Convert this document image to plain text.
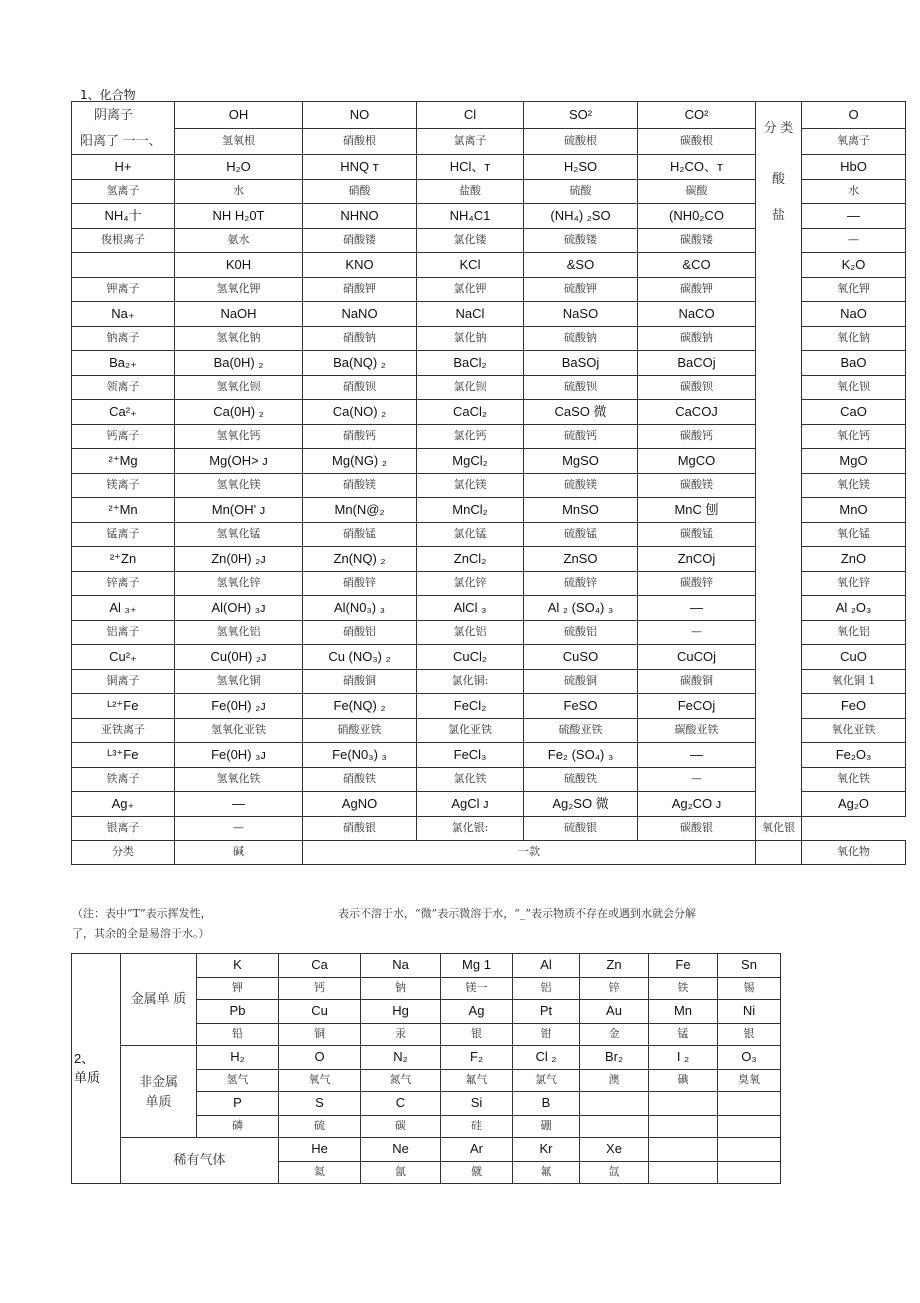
1、化合物
阴离子
阳离了 一一、	OH	NO	Cl	SO²	CO²	分 类	O
	氢氧根	硝酸根	氯离子	硫酸根	碳酸根		氧离子
H+	H₂O	HNQ ᴛ	HCl、ᴛ	H₂SO	H₂CO、ᴛ	酸	HbO
氢离子	水	硝酸	盐酸	硫酸	碳酸		水
NH₄十	NH H₂0T	NHNO	NH₄C1	(NH₄) ₂SO	(NH0₂CO	盐	—
俊根离子	氨水	硝酸镂	氯化镂	硫酸镂	碳酸镂		—
	K0H	KNO	KCl	&SO	&CO		K₂O
钾离子	氢氧化钾	硝酸钾	氯化钾	硫酸钾	碳酸钾		氧化钾
Na₊	NaOH	NaNO	NaCl	NaSO	NaCO		NaO
钠离子	氢氧化钠	硝酸钠	氯化钠	硫酸钠	碳酸钠		氧化钠
Ba₂₊	Ba(0H) ₂	Ba(NQ) ₂	BaCl₂	BaSOj	BaCOj		BaO
领离子	氢氧化钡	硝酸钡	氯化钡	硫酸钡	碳酸钡		氧化钡
Ca²₊	Ca(0H) ₂	Ca(NO) ₂	CaCl₂	CaSO 微	CaCOJ		CaO
钙离子	氢氧化钙	硝酸钙	氯化钙	硫酸钙	碳酸钙		氧化钙
²⁺Mg	Mg(OH> ᴊ	Mg(NG) ₂	MgCl₂	MgSO	MgCO		MgO
镁离子	氢氧化镁	硝酸镁	氯化镁	硫酸镁	碳酸镁		氧化镁
²⁺Mn	Mn(OH' ᴊ	Mn(N@₂	MnCl₂	MnSO	MnC 刨		MnO
锰离子	氢氧化锰	硝酸锰	氯化锰	硫酸锰	碳酸锰		氧化锰
²⁺Zn	Zn(0H) ₂ᴊ	Zn(NQ) ₂	ZnCl₂	ZnSO	ZnCOj		ZnO
锌离子	氢氧化锌	硝酸锌	氯化锌	硫酸锌	碳酸锌		氧化锌
Al ₃₊	Al(OH) ₃ᴊ	Al(N0₃) ₃	AlCl ₃	Al ₂ (SO₄) ₃	—		Al ₂O₃
铝离子	氢氧化铝	硝酸铝	氯化铝	硫酸铝	—		氧化铝
Cu²₊	Cu(0H) ₂ᴊ	Cu (NO₃) ₂	CuCl₂	CuSO	CuCOj		CuO
铜离子	氢氧化铜	硝酸铜	氯化铜:	硫酸铜	碳酸铜		氧化铜 1
ᴸ²⁺Fe	Fe(0H) ₂ᴊ	Fe(NQ) ₂	FeCl₂	FeSO	FeCOj		FeO
亚铁离子	氢氧化亚铁	硝酸亚铁	氯化亚铁	硫酸亚铁	碳酸亚铁		氧化亚铁
ᴸ³⁺Fe	Fe(0H) ₃ᴊ	Fe(N0₃) ₃	FeCl₃	Fe₂ (SO₄) ₃	—		Fe₂O₃
铁离子	氢氧化铁	硝酸铁	氯化铁	硫酸铁	—		氧化铁
Ag₊	—	AgNO	AgCl ᴊ	Ag₂SO 微	Ag₂CO ᴊ		Ag₂O
银离子	—	硝酸银	氯化银:	硫酸银	碳酸银	氧化银	
分类	碱	一款					氧化物
（注：表中“T”表示挥发性，	表示不溶于水，“微”表示微溶于水，“_”表示物质不存在或遇到水就会分解
了，其余的全是易溶于水。）
2、
单质	金属单 质	K	Ca	Na	Mg 1	Al	Zn	Fe	Sn
		钾	钙	钠	镁一	铝	锌	铁	锡
		Pb	Cu	Hg	Ag	Pt	Au	Mn	Ni
		铅	铜	汞	银	钳	金	锰	银
	非金属 单质	H₂	O	N₂	F₂	Cl ₂	Br₂	I ₂	O₃
		氢气	氧气	氮气	氟气	氯气	澳	碘	臭氧
		P	S	C	Si	B			
		磷	硫	碳	硅	硼			
	稀有气体		He	Ne	Ar	Kr	Xe		
			氦	氤	僦	氟	氙		
